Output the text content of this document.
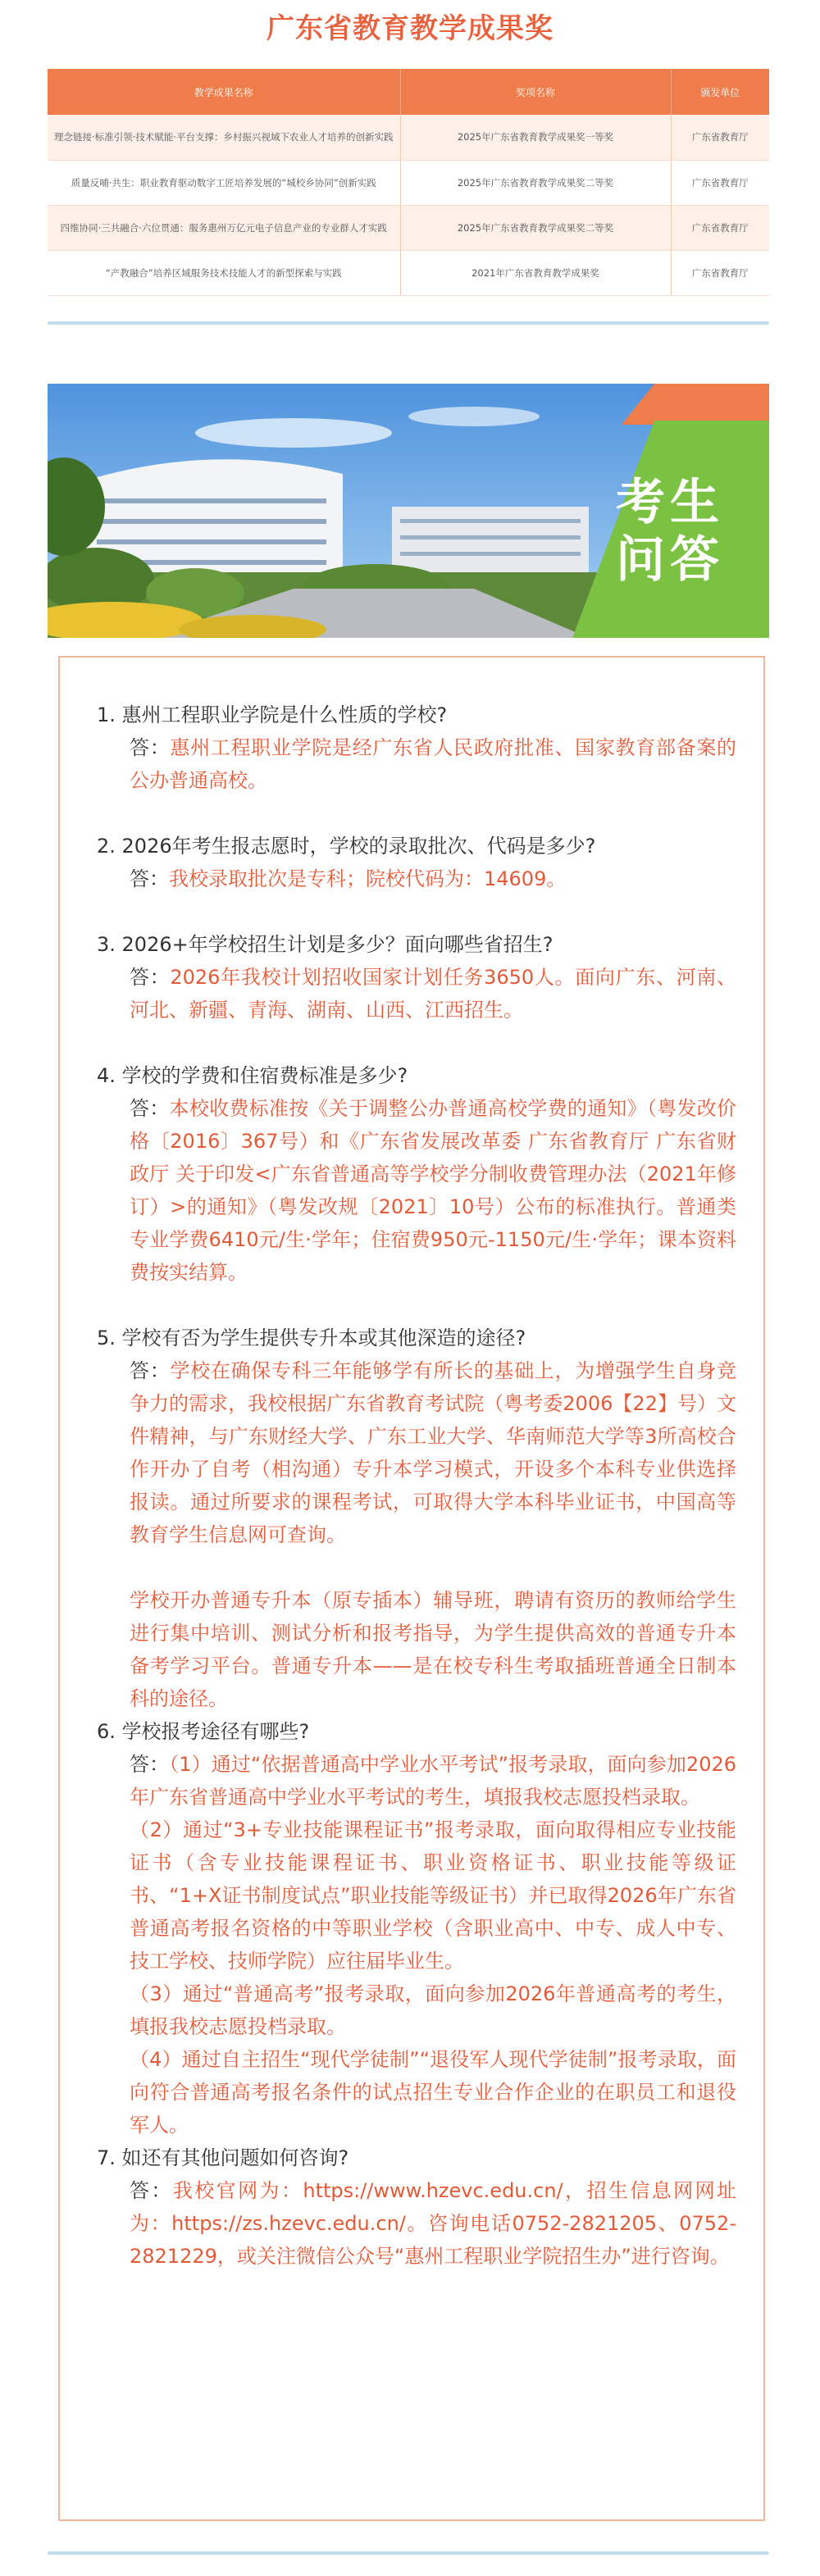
广东省教育教学成果奖
教学成果名称	奖项名称	颁发单位
理念链接·标准引领·技术赋能·平台支撑：乡村振兴视域下农业人才培养的创新实践	2025年广东省教育教学成果奖一等奖	广东省教育厅
质量反哺·共生：职业教育驱动数字工匠培养发展的“城校乡协同”创新实践	2025年广东省教育教学成果奖二等奖	广东省教育厅
四维协同·三共融合·六位贯通：服务惠州万亿元电子信息产业的专业群人才实践	2025年广东省教育教学成果奖二等奖	广东省教育厅
“产教融合”培养区域服务技术技能人才的新型探索与实践	2021年广东省教育教学成果奖	广东省教育厅
考生
问答
1. 惠州工程职业学院是什么性质的学校?
答：惠州工程职业学院是经广东省人民政府批准、国家教育部备案的公办普通高校。
2. 2026年考生报志愿时，学校的录取批次、代码是多少?
答：我校录取批次是专科；院校代码为：14609。
3. 2026+年学校招生计划是多少？面向哪些省招生?
答：2026年我校计划招收国家计划任务3650人。面向广东、河南、河北、新疆、青海、湖南、山西、江西招生。
4. 学校的学费和住宿费标准是多少?
答：本校收费标准按《关于调整公办普通高校学费的通知》（粤发改价格〔2016〕367号）和《广东省发展改革委 广东省教育厅 广东省财政厅 关于印发<广东省普通高等学校学分制收费管理办法（2021年修订）>的通知》（粤发改规〔2021〕10号）公布的标准执行。普通类专业学费6410元/生·学年；住宿费950元-1150元/生·学年；课本资料费按实结算。
5. 学校有否为学生提供专升本或其他深造的途径?
答：学校在确保专科三年能够学有所长的基础上，为增强学生自身竞争力的需求，我校根据广东省教育考试院（粤考委2006【22】号）文件精神，与广东财经大学、广东工业大学、华南师范大学等3所高校合作开办了自考（相沟通）专升本学习模式，开设多个本科专业供选择报读。通过所要求的课程考试，可取得大学本科毕业证书，中国高等教育学生信息网可查询。
学校开办普通专升本（原专插本）辅导班，聘请有资历的教师给学生进行集中培训、测试分析和报考指导，为学生提供高效的普通专升本备考学习平台。普通专升本——是在校专科生考取插班普通全日制本科的途径。
6. 学校报考途径有哪些?
答：（1）通过“依据普通高中学业水平考试”报考录取，面向参加2026年广东省普通高中学业水平考试的考生，填报我校志愿投档录取。
（2）通过“3+专业技能课程证书”报考录取，面向取得相应专业技能证书（含专业技能课程证书、职业资格证书、职业技能等级证书、“1+X证书制度试点”职业技能等级证书）并已取得2026年广东省普通高考报名资格的中等职业学校（含职业高中、中专、成人中专、技工学校、技师学院）应往届毕业生。
（3）通过“普通高考”报考录取，面向参加2026年普通高考的考生，填报我校志愿投档录取。
（4）通过自主招生“现代学徒制”“退役军人现代学徒制”报考录取，面向符合普通高考报名条件的试点招生专业合作企业的在职员工和退役军人。
7. 如还有其他问题如何咨询?
答：我校官网为：https://www.hzevc.edu.cn/，招生信息网网址为：https://zs.hzevc.edu.cn/。咨询电话0752-2821205、0752-2821229，或关注微信公众号“惠州工程职业学院招生办”进行咨询。
